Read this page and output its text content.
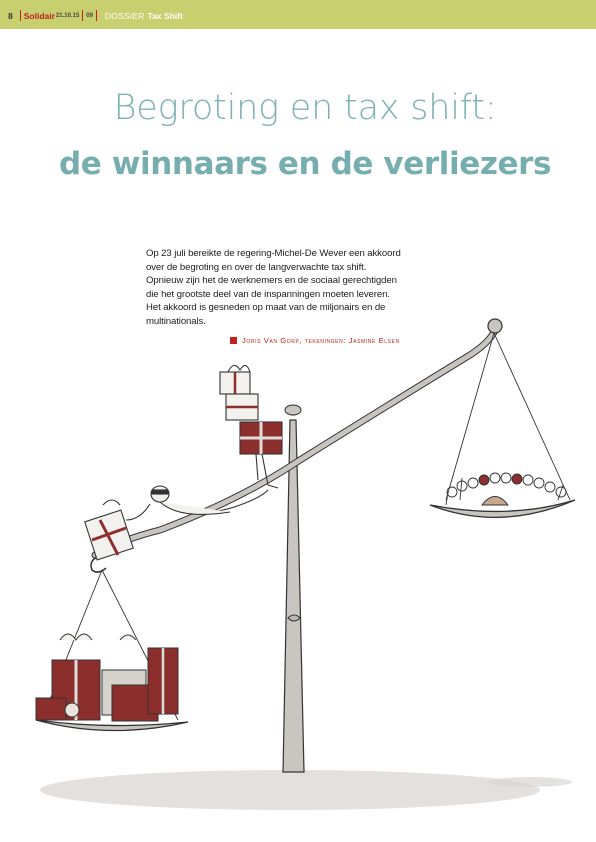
8 Solidair 21.10.15 09 DOSSIER Tax Shift
Begroting en tax shift:
de winnaars en de verliezers
Op 23 juli bereikte de regering-Michel-De Wever een akkoord
over de begroting en over de langverwachte tax shift.
Opnieuw zijn het de werknemers en de sociaal gerechtigden
die het grootste deel van de inspanningen moeten leveren.
Het akkoord is gesneden op maat van de miljonairs en de
multinationals.
Joris Van Gorp, tekeningen: Jasmine Elsen
